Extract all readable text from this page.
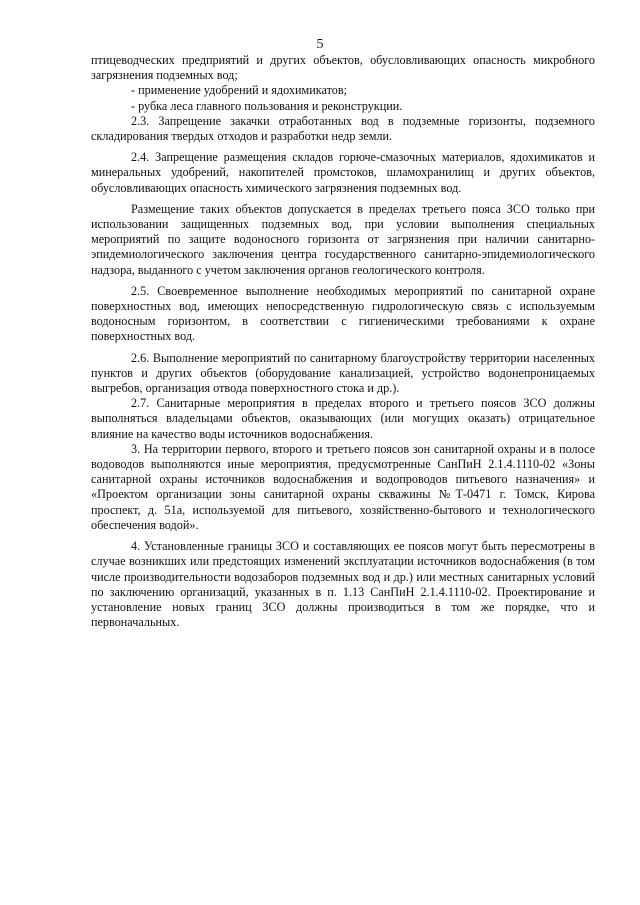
5

птицеводческих предприятий и других объектов, обусловливающих опасность микробного загрязнения подземных вод;

- применение удобрений и ядохимикатов;

- рубка леса главного пользования и реконструкции.

2.3. Запрещение закачки отработанных вод в подземные горизонты, подземного складирования твердых отходов и разработки недр земли.

2.4. Запрещение размещения складов горюче-смазочных материалов, ядохимикатов и минеральных удобрений, накопителей промстоков, шламохранилищ и других объектов, обусловливающих опасность химического загрязнения подземных вод.

Размещение таких объектов допускается в пределах третьего пояса ЗСО только при использовании защищенных подземных вод, при условии выполнения специальных мероприятий по защите водоносного горизонта от загрязнения при наличии санитарно-эпидемиологического заключения центра государственного санитарно-эпидемиологического надзора, выданного с учетом заключения органов геологического контроля.

2.5. Своевременное выполнение необходимых мероприятий по санитарной охране поверхностных вод, имеющих непосредственную гидрологическую связь с используемым водоносным горизонтом, в соответствии с гигиеническими требованиями к охране поверхностных вод.

2.6. Выполнение мероприятий по санитарному благоустройству территории населенных пунктов и других объектов (оборудование канализацией, устройство водонепроницаемых выгребов, организация отвода поверхностного стока и др.).

2.7. Санитарные мероприятия в пределах второго и третьего поясов ЗСО должны выполняться владельцами объектов, оказывающих (или могущих оказать) отрицательное влияние на качество воды источников водоснабжения.

3. На территории первого, второго и третьего поясов зон санитарной охраны и в полосе водоводов выполняются иные мероприятия, предусмотренные СанПиН 2.1.4.1110-02 «Зоны санитарной охраны источников водоснабжения и водопроводов питьевого назначения» и «Проектом организации зоны санитарной охраны скважины №Т-0471 г. Томск, Кирова проспект, д. 51а, используемой для питьевого, хозяйственно-бытового и технологического обеспечения водой».

4. Установленные границы ЗСО и составляющих ее поясов могут быть пересмотрены в случае возникших или предстоящих изменений эксплуатации источников водоснабжения (в том числе производительности водозаборов подземных вод и др.) или местных санитарных условий по заключению организаций, указанных в п. 1.13 СанПиН 2.1.4.1110-02. Проектирование и установление новых границ ЗСО должны производиться в том же порядке, что и первоначальных.
